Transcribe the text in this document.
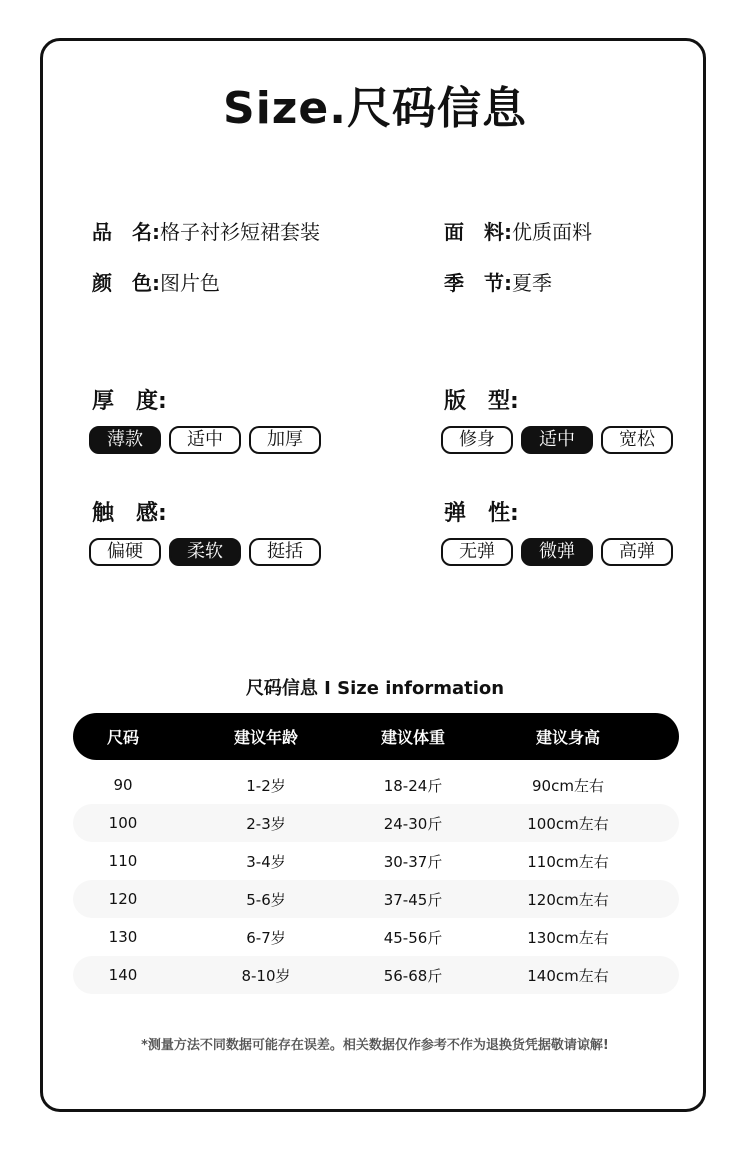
Size.尺码信息
品　名:格子衬衫短裙套装	面　料:优质面料
颜　色:图片色	季　节:夏季
厚　度:
薄款	适中	加厚
版　型:
修身	适中	宽松
触　感:
偏硬	柔软	挺括
弹　性:
无弹	微弹	高弹
尺码信息 I Size information
尺码	建议年龄	建议体重	建议身高
90	1-2岁	18-24斤	90cm左右
100	2-3岁	24-30斤	100cm左右
110	3-4岁	30-37斤	110cm左右
120	5-6岁	37-45斤	120cm左右
130	6-7岁	45-56斤	130cm左右
140	8-10岁	56-68斤	140cm左右
*测量方法不同数据可能存在误差。相关数据仅作参考不作为退换货凭据敬请谅解!
